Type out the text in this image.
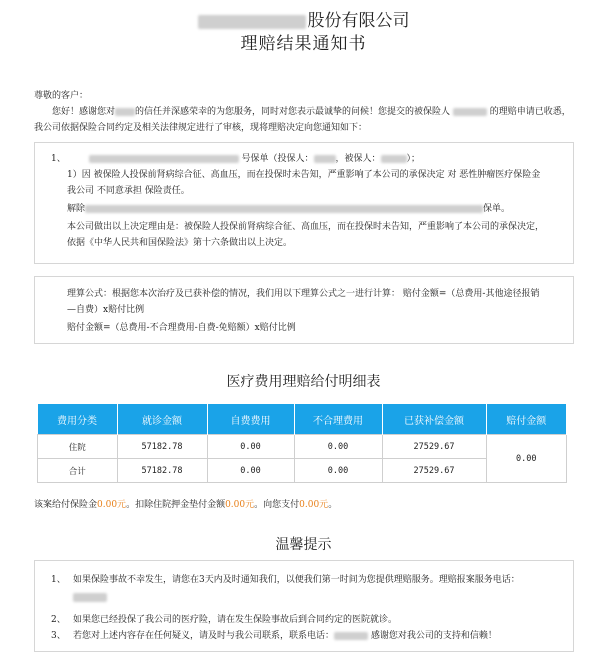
股份有限公司
理赔结果通知书
尊敬的客户：
您好！感谢您对 的信任并深感荣幸的为您服务，同时对您表示最诚挚的问候！您提交的被保险人	的理赔申请已收悉，我公司依据保险合同约定及相关法律规定进行了审核，现将理赔决定向您通知如下：
1、	号保单（投保人： ，被保人：	）；
1）因 被保险人投保前肾病综合征、高血压，而在投保时未告知，严重影响了本公司的承保决定 对 恶性肿瘤医疗保险金
我公司 不同意承担 保险责任。
解除	保单。
本公司做出以上决定理由是：被保险人投保前肾病综合征、高血压，而在投保时未告知，严重影响了本公司的承保决定，
依据《中华人民共和国保险法》第十六条做出以上决定。
理算公式：根据您本次治疗及已获补偿的情况，我们用以下理算公式之一进行计算： 赔付金额=（总费用-其他途径报销
—自费）x赔付比例
赔付金额=（总费用-不合理费用-自费-免赔额）x赔付比例
医疗费用理赔给付明细表
费用分类	就诊金额	自费费用	不合理费用	已获补偿金额	赔付金额
住院	57182.78	0.00	0.00	27529.67	0.00
合计	57182.78	0.00	0.00	27529.67	
该案给付保险金0.00元。扣除住院押金垫付金额0.00元。向您支付0.00元。
温馨提示
1、 如果保险事故不幸发生，请您在3天内及时通知我们，以便我们第一时间为您提供理赔服务。理赔报案服务电话：
2、 如果您已经投保了我公司的医疗险，请在发生保险事故后到合同约定的医院就诊。
3、 若您对上述内容存在任何疑义，请及时与我公司联系，联系电话：	感谢您对我公司的支持和信赖！
